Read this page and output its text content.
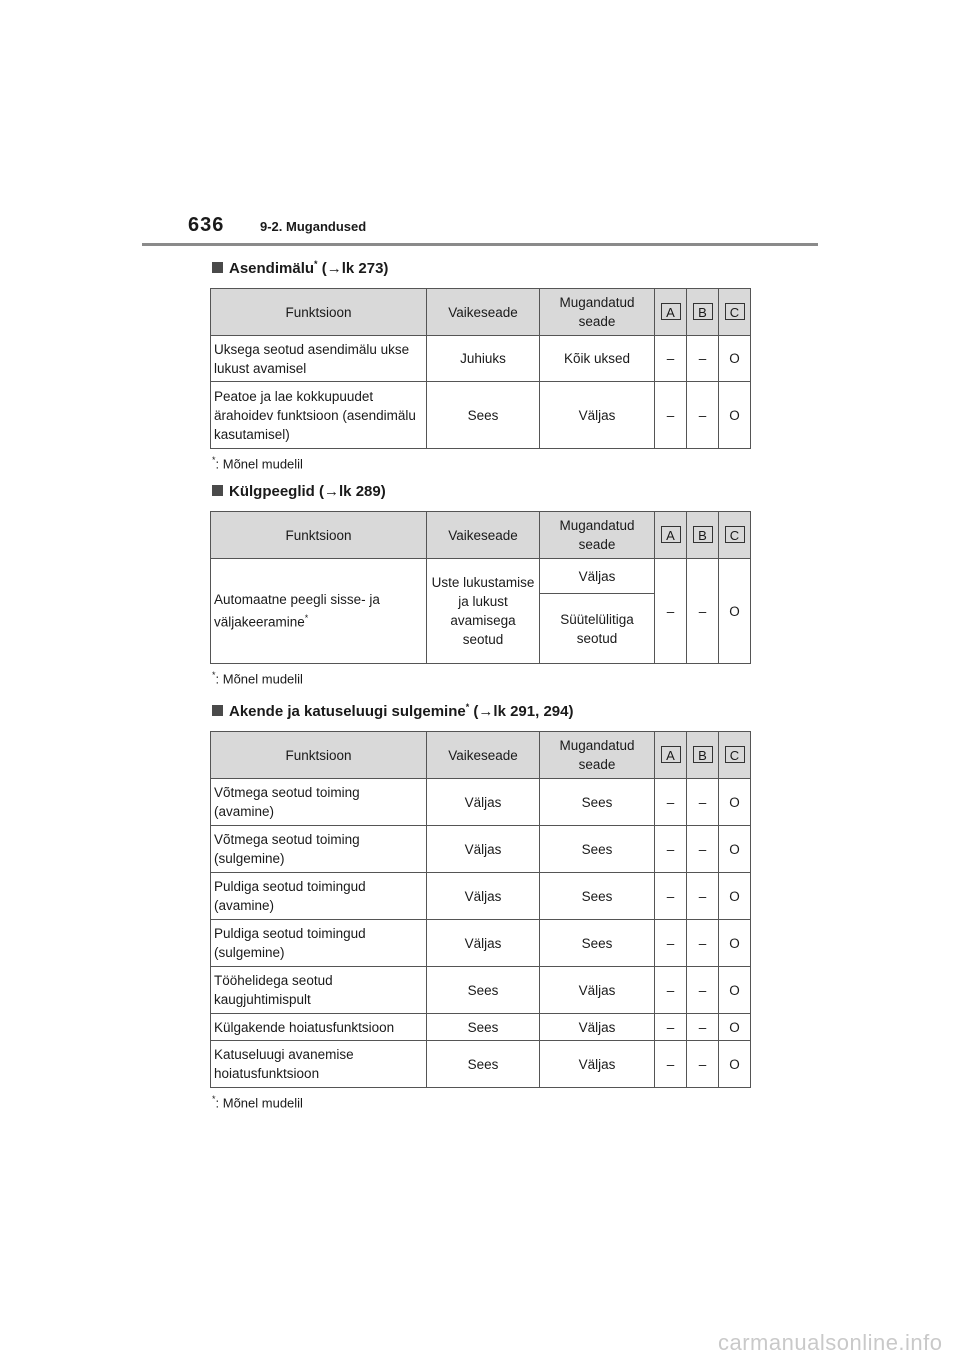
636	9-2. Mugandused
Asendimälu* (→lk 273)
Funktsioon	Vaikeseade	Mugandatud seade	A	B	C
Uksega seotud asendimälu ukse lukust avamisel	Juhiuks	Kõik uksed	–	–	O
Peatoe ja lae kokkupuudet ärahoidev funktsioon (asendimälu kasutamisel)	Sees	Väljas	–	–	O
*: Mõnel mudelil
Külgpeeglid (→lk 289)
Funktsioon	Vaikeseade	Mugandatud seade	A	B	C
Automaatne peegli sisse- ja väljakeeramine*	Uste lukustamise ja lukust avamisega seotud	Väljas	–	–	O
		Süütelülitiga seotud			
*: Mõnel mudelil
Akende ja katuseluugi sulgemine* (→lk 291, 294)
Funktsioon	Vaikeseade	Mugandatud seade	A	B	C
Võtmega seotud toiming (avamine)	Väljas	Sees	–	–	O
Võtmega seotud toiming (sulgemine)	Väljas	Sees	–	–	O
Puldiga seotud toimingud (avamine)	Väljas	Sees	–	–	O
Puldiga seotud toimingud (sulgemine)	Väljas	Sees	–	–	O
Tööhelidega seotud kaugjuhtimispult	Sees	Väljas	–	–	O
Külgakende hoiatusfunktsioon	Sees	Väljas	–	–	O
Katuseluugi avanemise hoiatusfunktsioon	Sees	Väljas	–	–	O
*: Mõnel mudelil
carmanualsonline.info
